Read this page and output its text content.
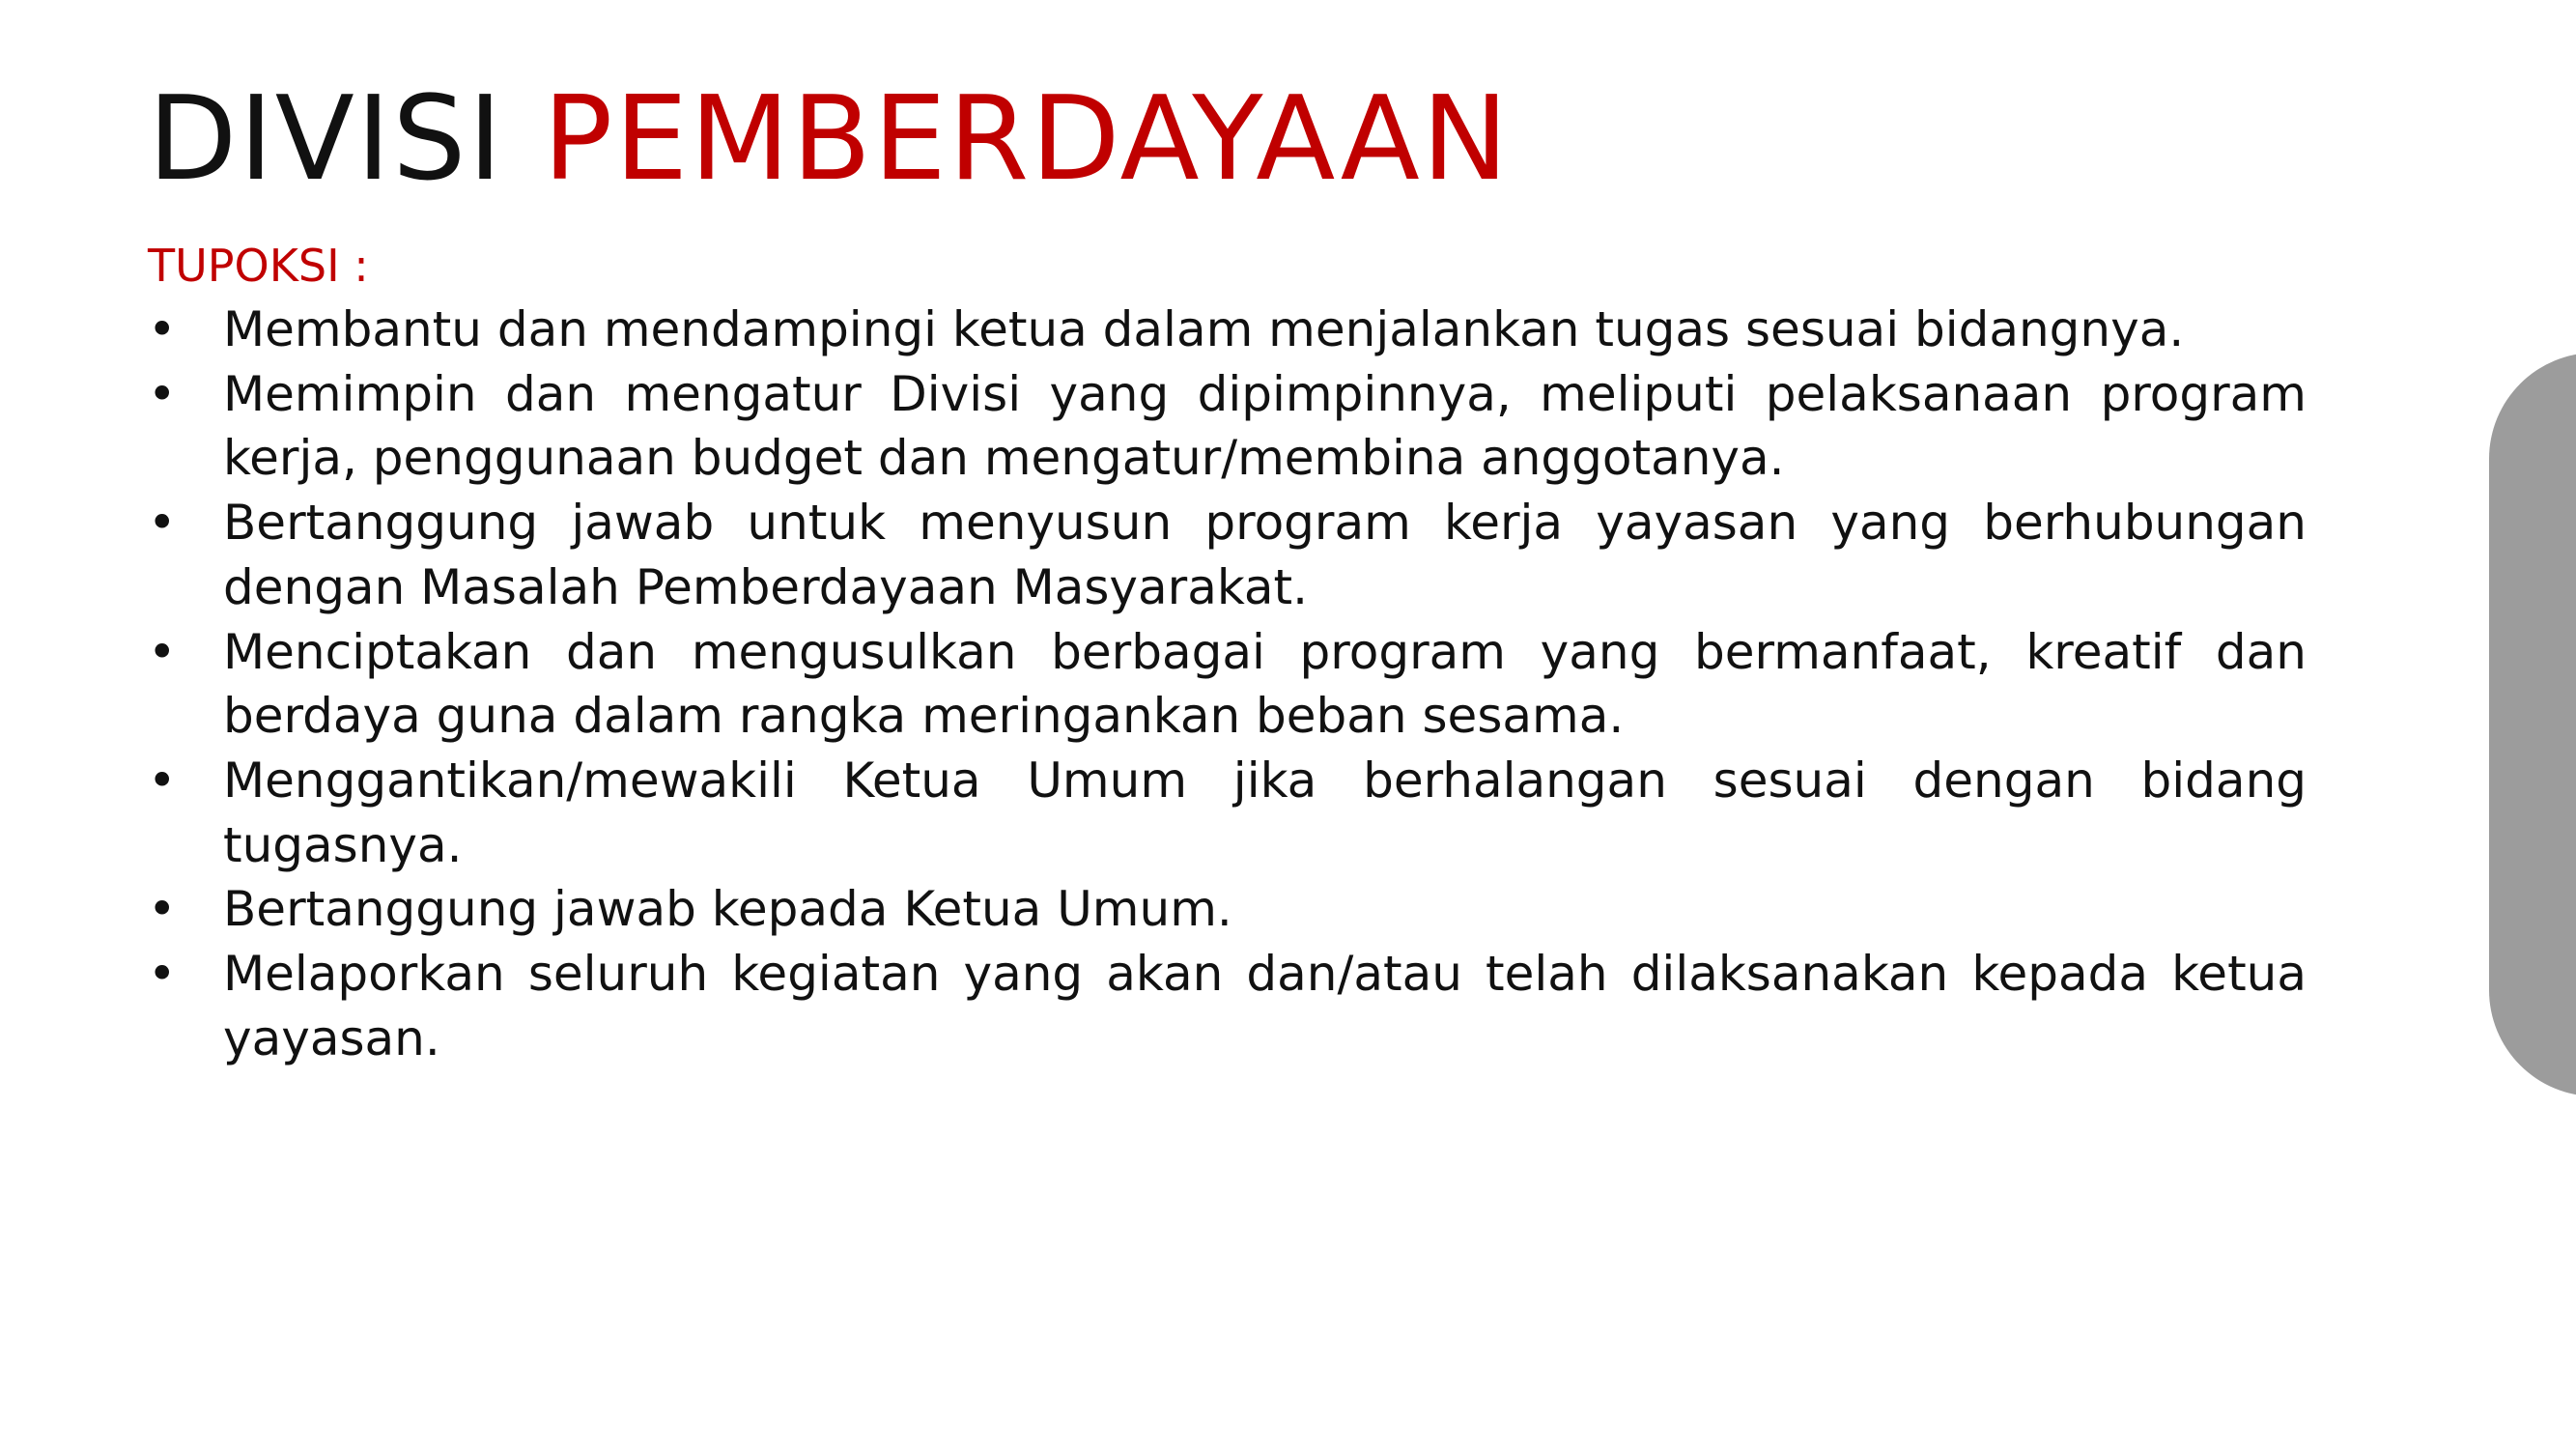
DIVISI PEMBERDAYAAN
TUPOKSI :
• Membantu dan mendampingi ketua dalam menjalankan tugas sesuai bidangnya.
• Memimpin dan mengatur Divisi yang dipimpinnya, meliputi pelaksanaan program kerja, penggunaan budget dan mengatur/membina anggotanya.
• Bertanggung jawab untuk menyusun program kerja yayasan yang berhubungan dengan Masalah Pemberdayaan Masyarakat.
• Menciptakan dan mengusulkan berbagai program yang bermanfaat, kreatif dan berdaya guna dalam rangka meringankan beban sesama.
• Menggantikan/mewakili Ketua Umum jika berhalangan sesuai dengan bidang tugasnya.
• Bertanggung jawab kepada Ketua Umum.
• Melaporkan seluruh kegiatan yang akan dan/atau telah dilaksanakan kepada ketua yayasan.
